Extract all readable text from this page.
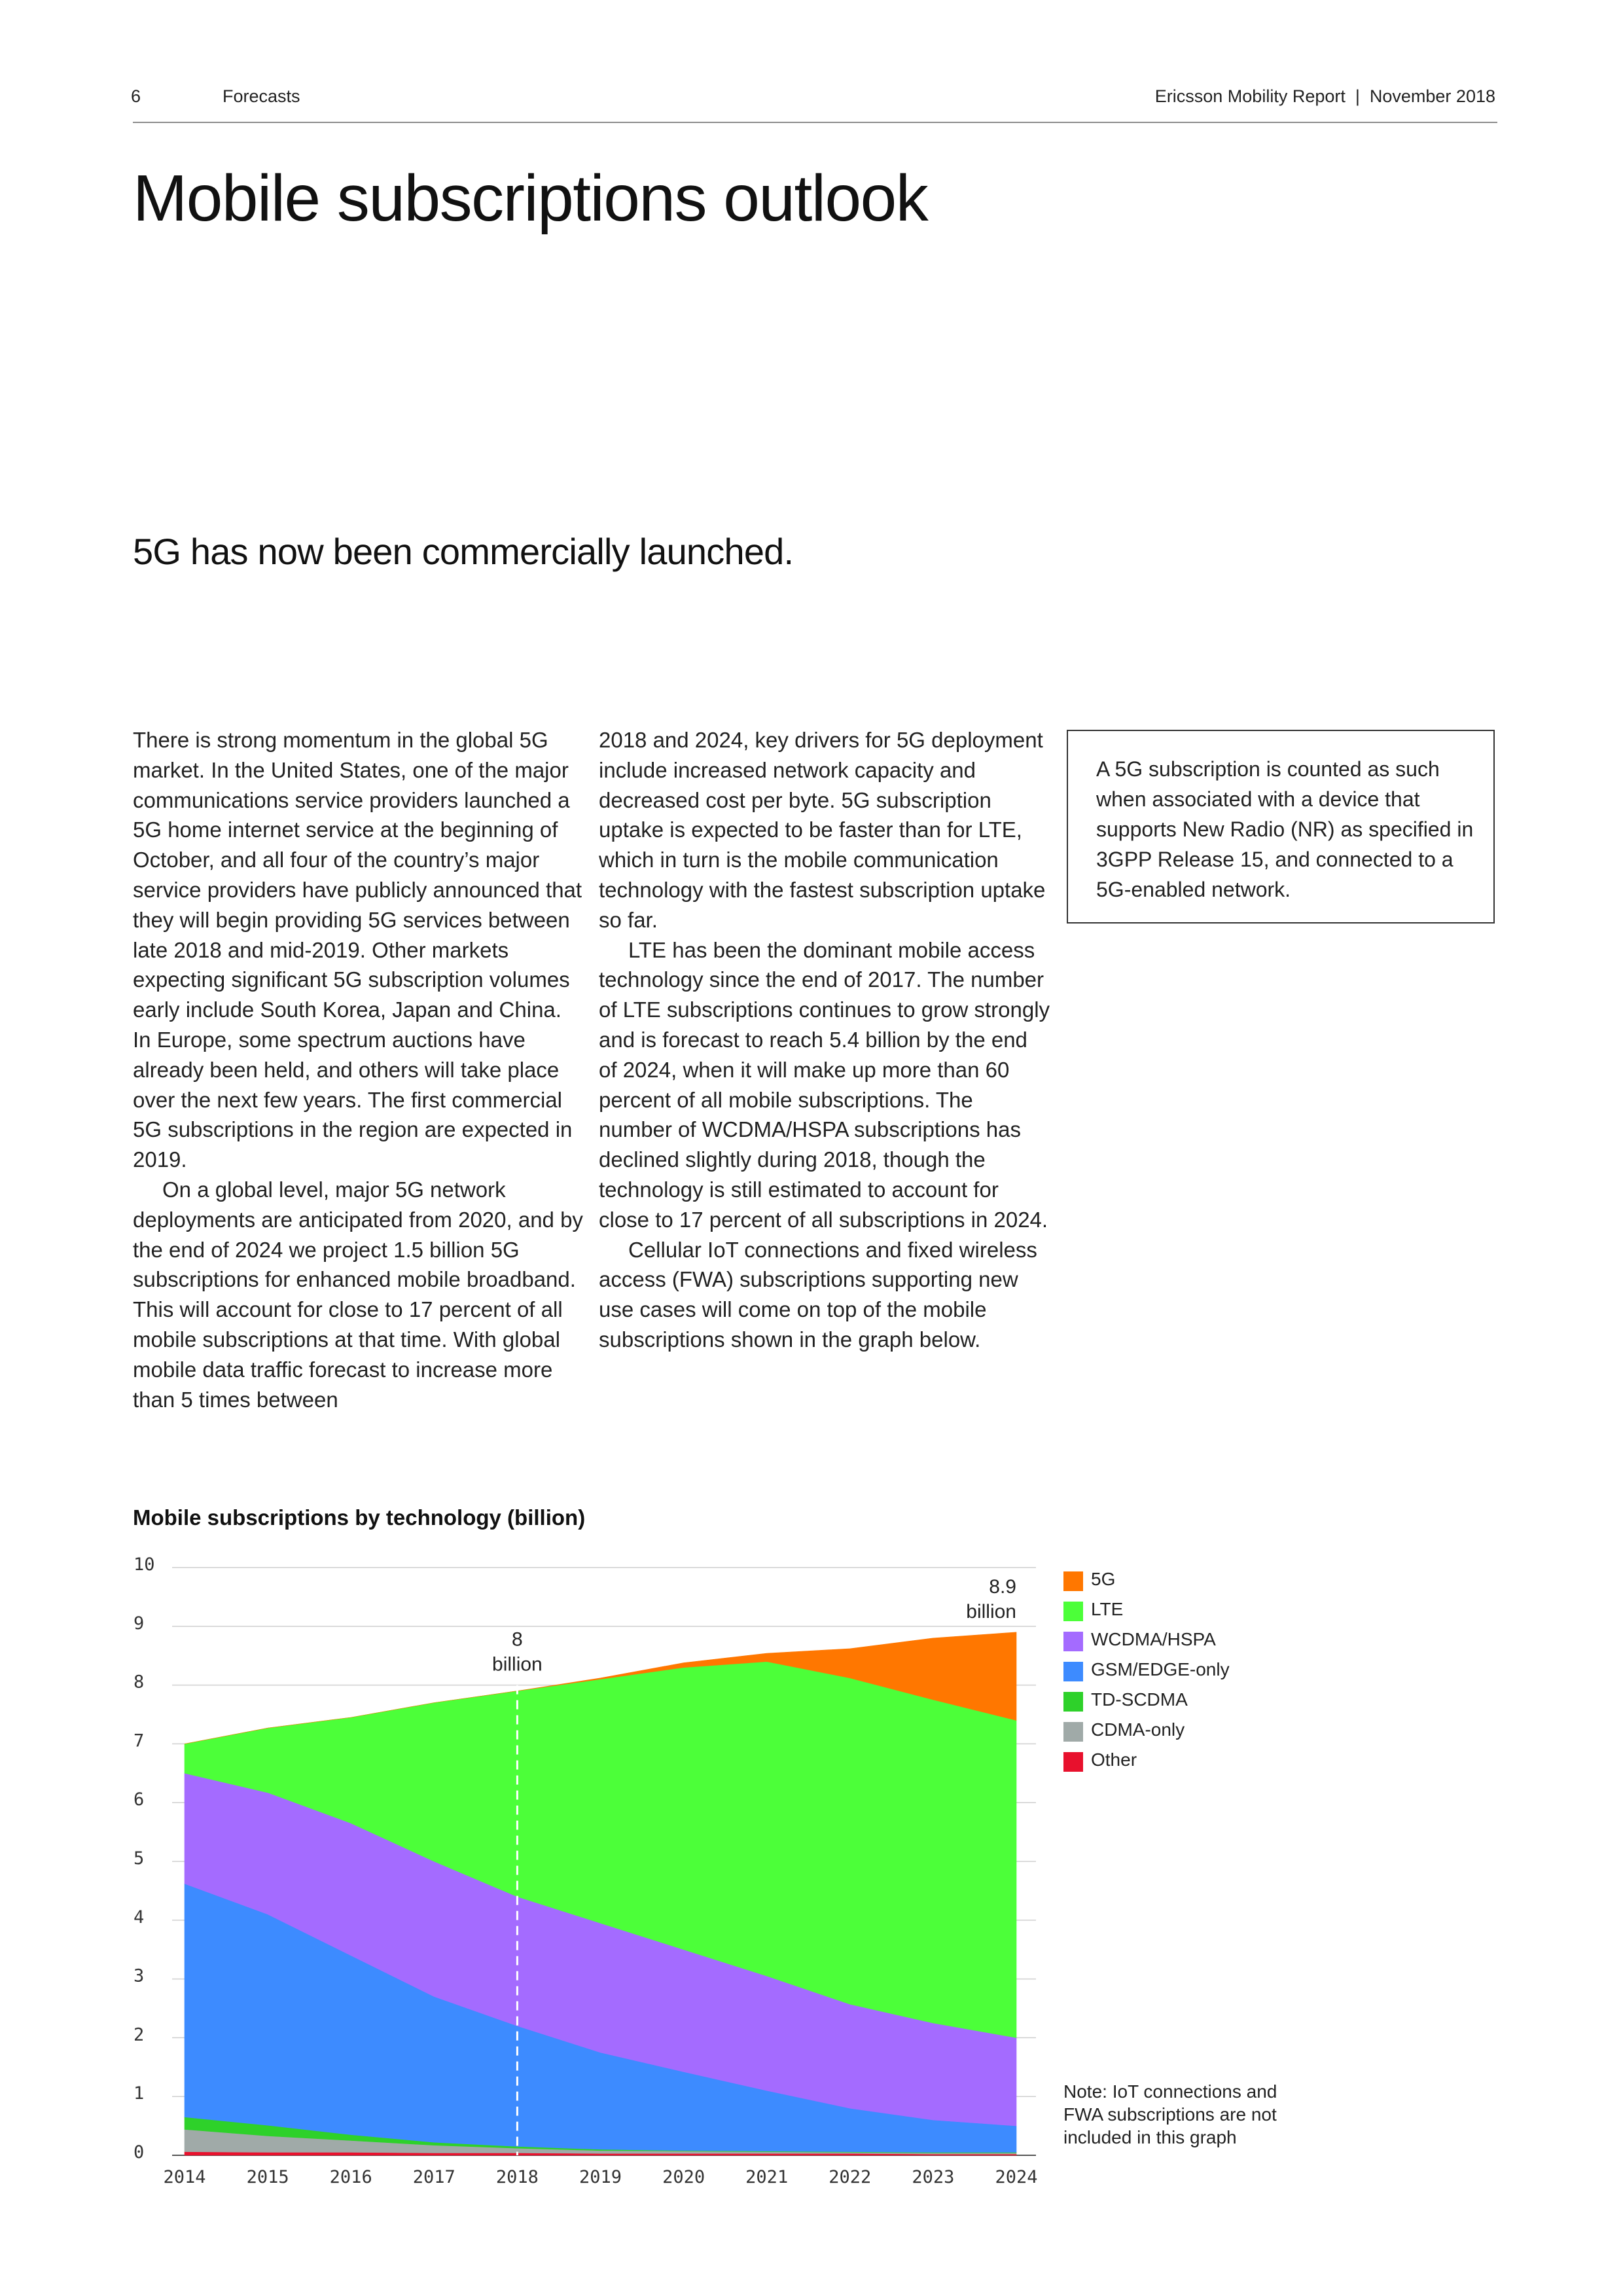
6	Forecasts	Ericsson Mobility Report  |  November 2018
Mobile subscriptions outlook
5G has now been commercially launched.

There is strong momentum in the global 5G market. In the United States, one of the major communications service providers launched a 5G home internet service at the beginning of October, and all four of the country’s major service providers have publicly announced that they will begin providing 5G services between late 2018 and mid-2019. Other markets expecting significant 5G subscription volumes early include South Korea, Japan and China. In Europe, some spectrum auctions have already been held, and others will take place over the next few years. The first commercial 5G subscriptions in the region are expected in 2019.

On a global level, major 5G network deployments are anticipated from 2020, and by the end of 2024 we project 1.5 billion 5G subscriptions for enhanced mobile broadband. This will account for close to 17 percent of all mobile subscriptions at that time. With global mobile data traffic forecast to increase more than 5 times between

2018 and 2024, key drivers for 5G deployment include increased network capacity and decreased cost per byte. 5G subscription uptake is expected to be faster than for LTE, which in turn is the mobile communication technology with the fastest subscription uptake so far.

LTE has been the dominant mobile access technology since the end of 2017. The number of LTE subscriptions continues to grow strongly and is forecast to reach 5.4 billion by the end of 2024, when it will make up more than 60 percent of all mobile subscriptions. The number of WCDMA/HSPA subscriptions has declined slightly during 2018, though the technology is still estimated to account for close to 17 percent of all subscriptions in 2024.

Cellular IoT connections and fixed wireless access (FWA) subscriptions supporting new use cases will come on top of the mobile subscriptions shown in the graph below.

A 5G subscription is counted as such when associated with a device that supports New Radio (NR) as specified in 3GPP Release 15, and connected to a 5G-enabled network.
Mobile subscriptions by technology (billion)
0
1
2
3
4
5
6
7
8
9
10
2014 2015 2016 2017 2018 2019 2020 2021 2022 2023 2024
8
billion
8.9
billion
5G
LTE
WCDMA/HSPA
GSM/EDGE-only
TD-SCDMA
CDMA-only
Other
Note: IoT connections and FWA subscriptions are not included in this graph
